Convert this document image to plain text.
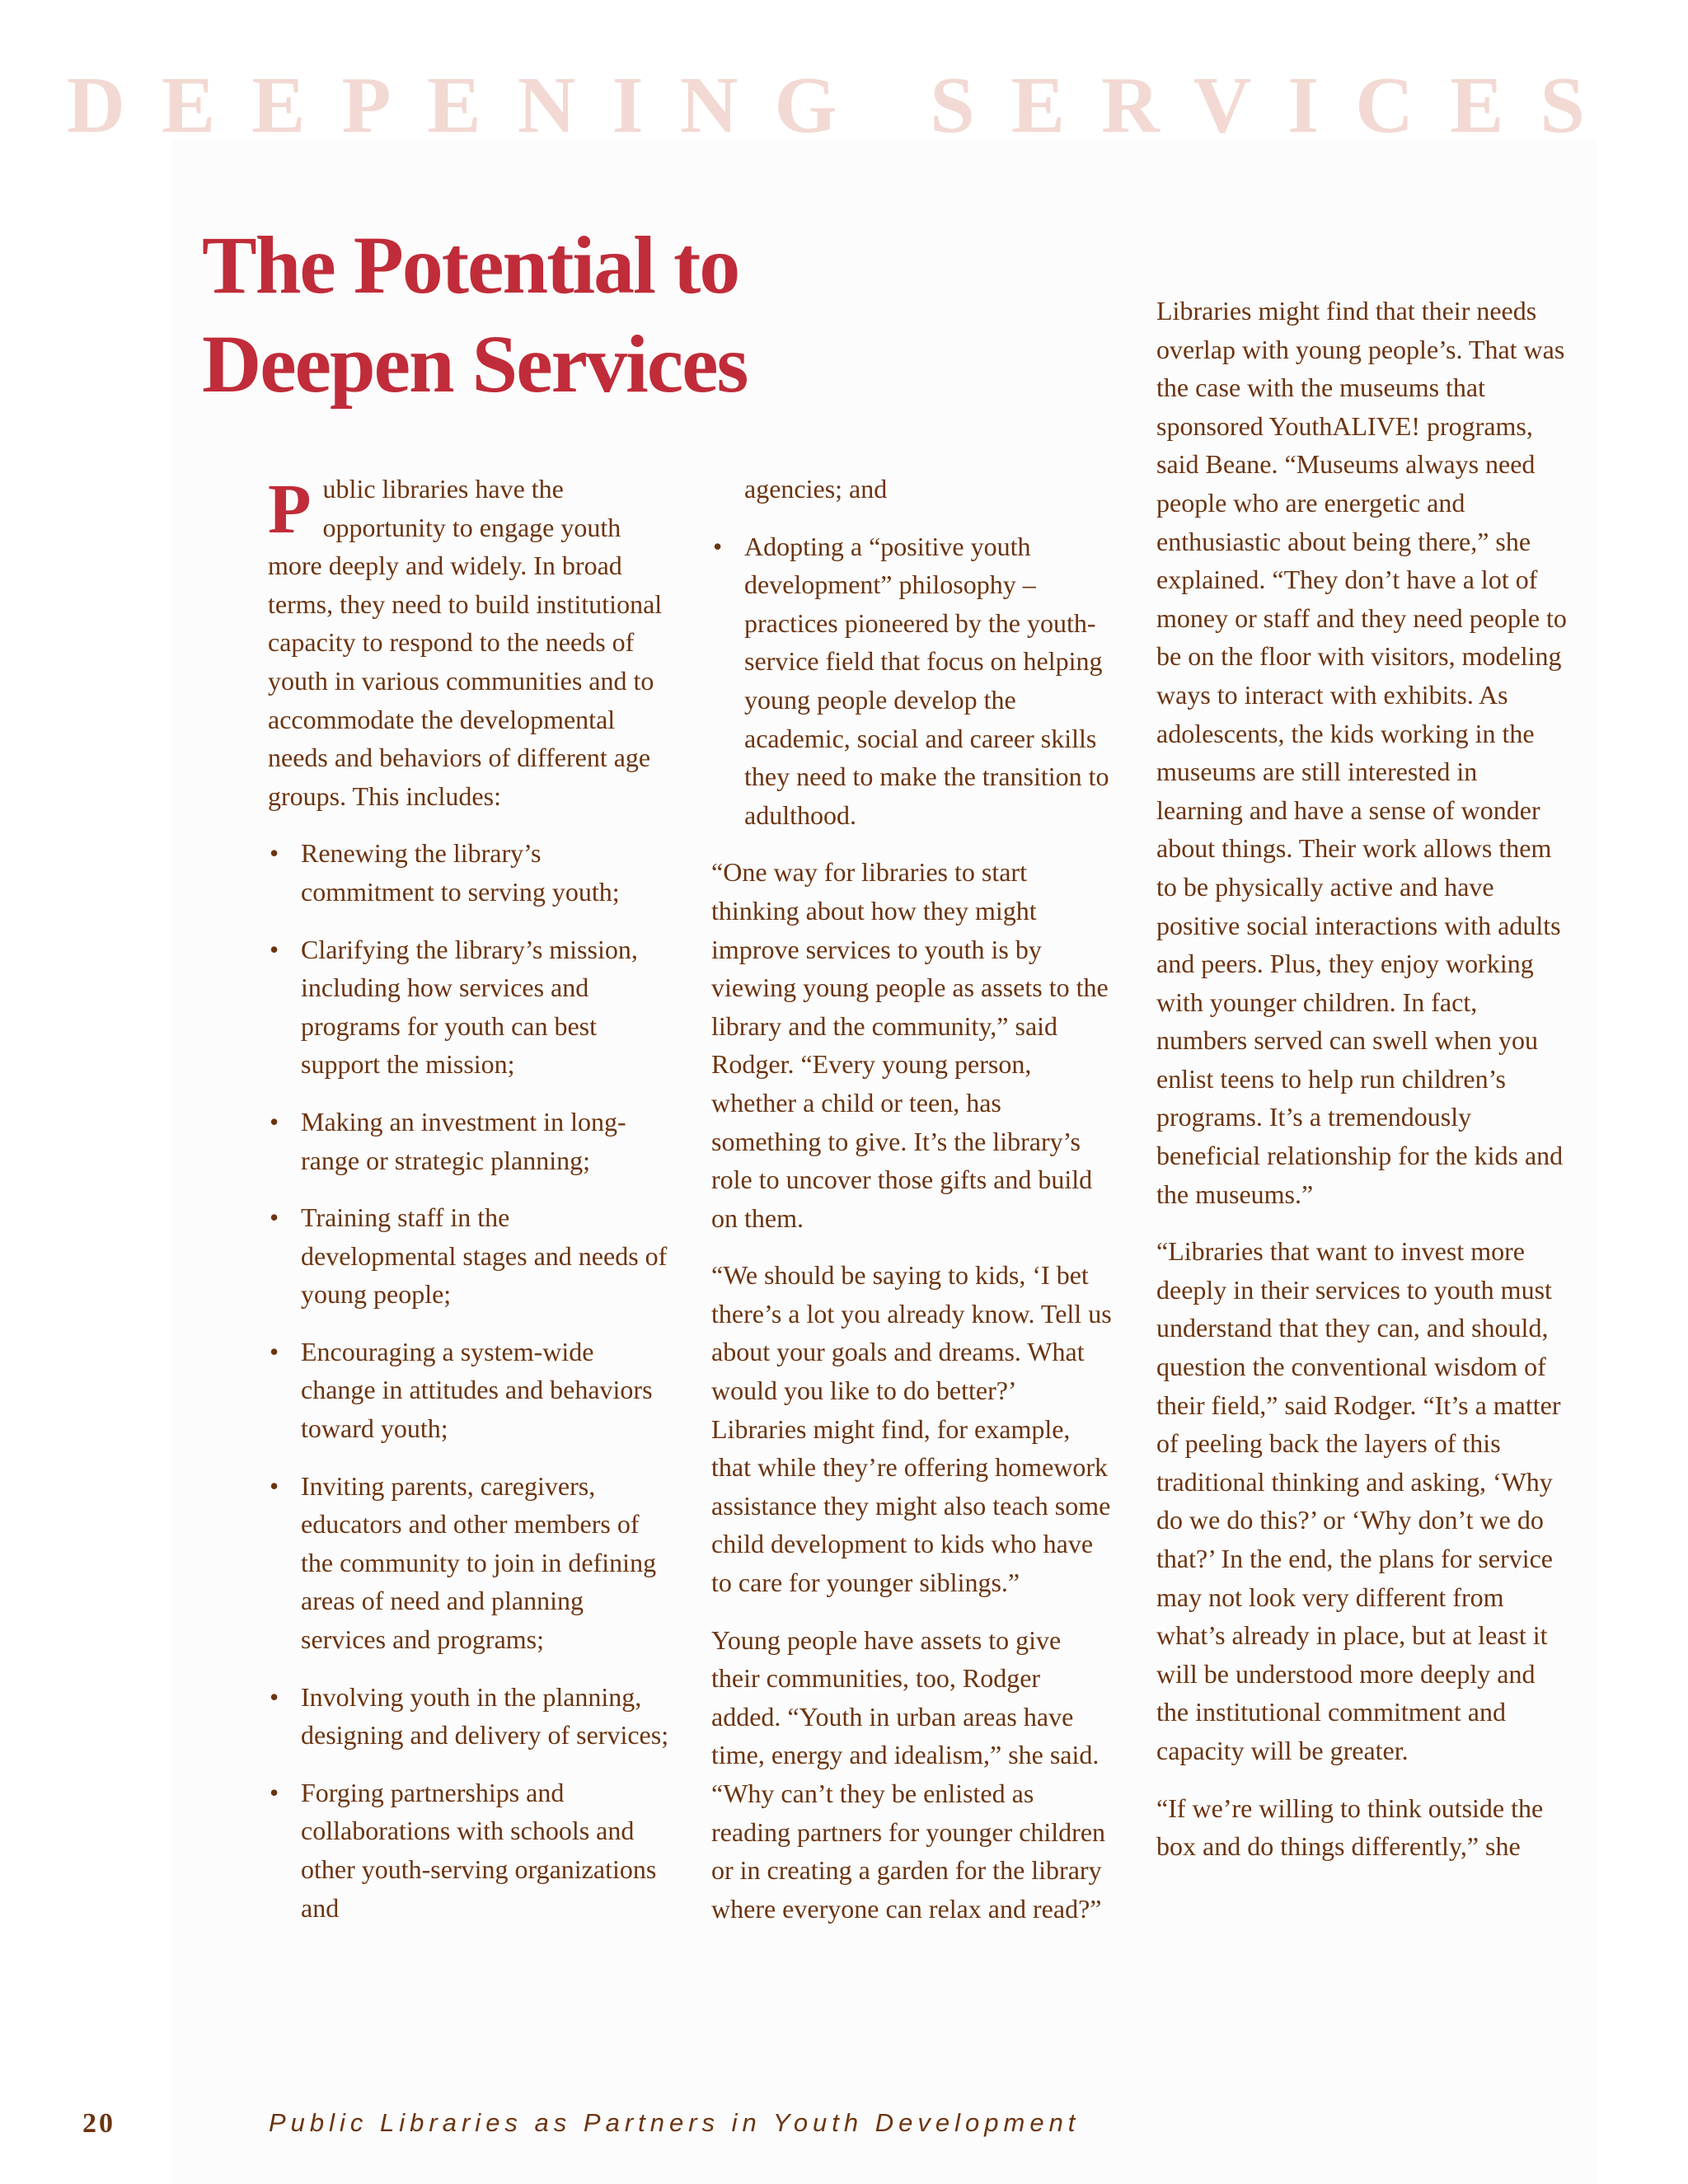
DEEPENING SERVICES
The Potential to
Deepen Services

Public libraries have the opportunity to engage youth more deeply and widely. In broad terms, they need to build institutional capacity to respond to the needs of youth in various communities and to accommodate the developmental needs and behaviors of different age groups. This includes:

• Renewing the library’s commitment to serving youth;
• Clarifying the library’s mission, including how services and programs for youth can best support the mission;
• Making an investment in long-range or strategic planning;
• Training staff in the developmental stages and needs of young people;
• Encouraging a system-wide change in attitudes and behaviors toward youth;
• Inviting parents, caregivers, educators and other members of the community to join in defining areas of need and planning services and programs;
• Involving youth in the planning, designing and delivery of services;
• Forging partnerships and collaborations with schools and other youth-serving organizations and
agencies; and
• Adopting a “positive youth development” philosophy – practices pioneered by the youth-service field that focus on helping young people develop the academic, social and career skills they need to make the transition to adulthood.

“One way for libraries to start thinking about how they might improve services to youth is by viewing young people as assets to the library and the community,” said Rodger. “Every young person, whether a child or teen, has something to give. It’s the library’s role to uncover those gifts and build on them.

“We should be saying to kids, ‘I bet there’s a lot you already know. Tell us about your goals and dreams. What would you like to do better?’ Libraries might find, for example, that while they’re offering homework assistance they might also teach some child development to kids who have to care for younger siblings.”

Young people have assets to give their communities, too, Rodger added. “Youth in urban areas have time, energy and idealism,” she said. “Why can’t they be enlisted as reading partners for younger children or in creating a garden for the library where everyone can relax and read?”

Libraries might find that their needs overlap with young people’s. That was the case with the museums that sponsored YouthALIVE! programs, said Beane. “Museums always need people who are energetic and enthusiastic about being there,” she explained. “They don’t have a lot of money or staff and they need people to be on the floor with visitors, modeling ways to interact with exhibits. As adolescents, the kids working in the museums are still interested in learning and have a sense of wonder about things. Their work allows them to be physically active and have positive social interactions with adults and peers. Plus, they enjoy working with younger children. In fact, numbers served can swell when you enlist teens to help run children’s programs. It’s a tremendously beneficial relationship for the kids and the museums.”

“Libraries that want to invest more deeply in their services to youth must understand that they can, and should, question the conventional wisdom of their field,” said Rodger. “It’s a matter of peeling back the layers of this traditional thinking and asking, ‘Why do we do this?’ or ‘Why don’t we do that?’ In the end, the plans for service may not look very different from what’s already in place, but at least it will be understood more deeply and the institutional commitment and capacity will be greater.

“If we’re willing to think outside the box and do things differently,” she

20	Public Libraries as Partners in Youth Development
